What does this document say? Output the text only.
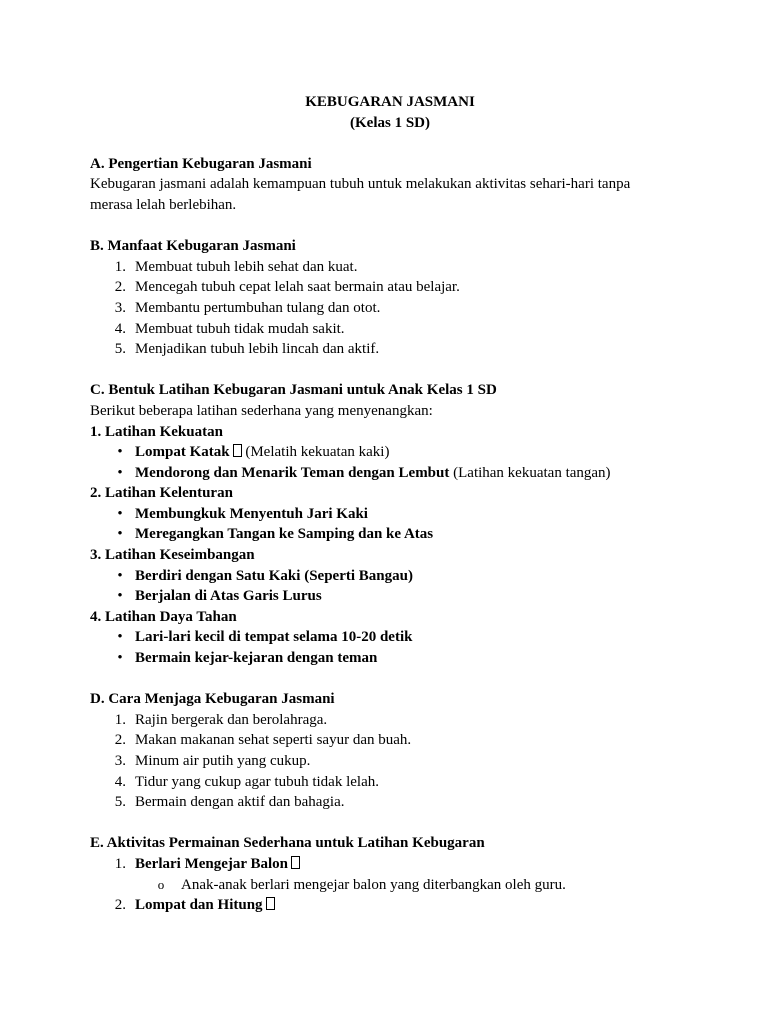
KEBUGARAN JASMANI
(Kelas 1 SD)
A. Pengertian Kebugaran Jasmani
Kebugaran jasmani adalah kemampuan tubuh untuk melakukan aktivitas sehari-hari tanpa
merasa lelah berlebihan.
B. Manfaat Kebugaran Jasmani
1. Membuat tubuh lebih sehat dan kuat.
2. Mencegah tubuh cepat lelah saat bermain atau belajar.
3. Membantu pertumbuhan tulang dan otot.
4. Membuat tubuh tidak mudah sakit.
5. Menjadikan tubuh lebih lincah dan aktif.
C. Bentuk Latihan Kebugaran Jasmani untuk Anak Kelas 1 SD
Berikut beberapa latihan sederhana yang menyenangkan:
1. Latihan Kekuatan
• Lompat Katak (Melatih kekuatan kaki)
• Mendorong dan Menarik Teman dengan Lembut (Latihan kekuatan tangan)
2. Latihan Kelenturan
• Membungkuk Menyentuh Jari Kaki
• Meregangkan Tangan ke Samping dan ke Atas
3. Latihan Keseimbangan
• Berdiri dengan Satu Kaki (Seperti Bangau)
• Berjalan di Atas Garis Lurus
4. Latihan Daya Tahan
• Lari-lari kecil di tempat selama 10-20 detik
• Bermain kejar-kejaran dengan teman
D. Cara Menjaga Kebugaran Jasmani
1. Rajin bergerak dan berolahraga.
2. Makan makanan sehat seperti sayur dan buah.
3. Minum air putih yang cukup.
4. Tidur yang cukup agar tubuh tidak lelah.
5. Bermain dengan aktif dan bahagia.
E. Aktivitas Permainan Sederhana untuk Latihan Kebugaran
1. Berlari Mengejar Balon
o Anak-anak berlari mengejar balon yang diterbangkan oleh guru.
2. Lompat dan Hitung
